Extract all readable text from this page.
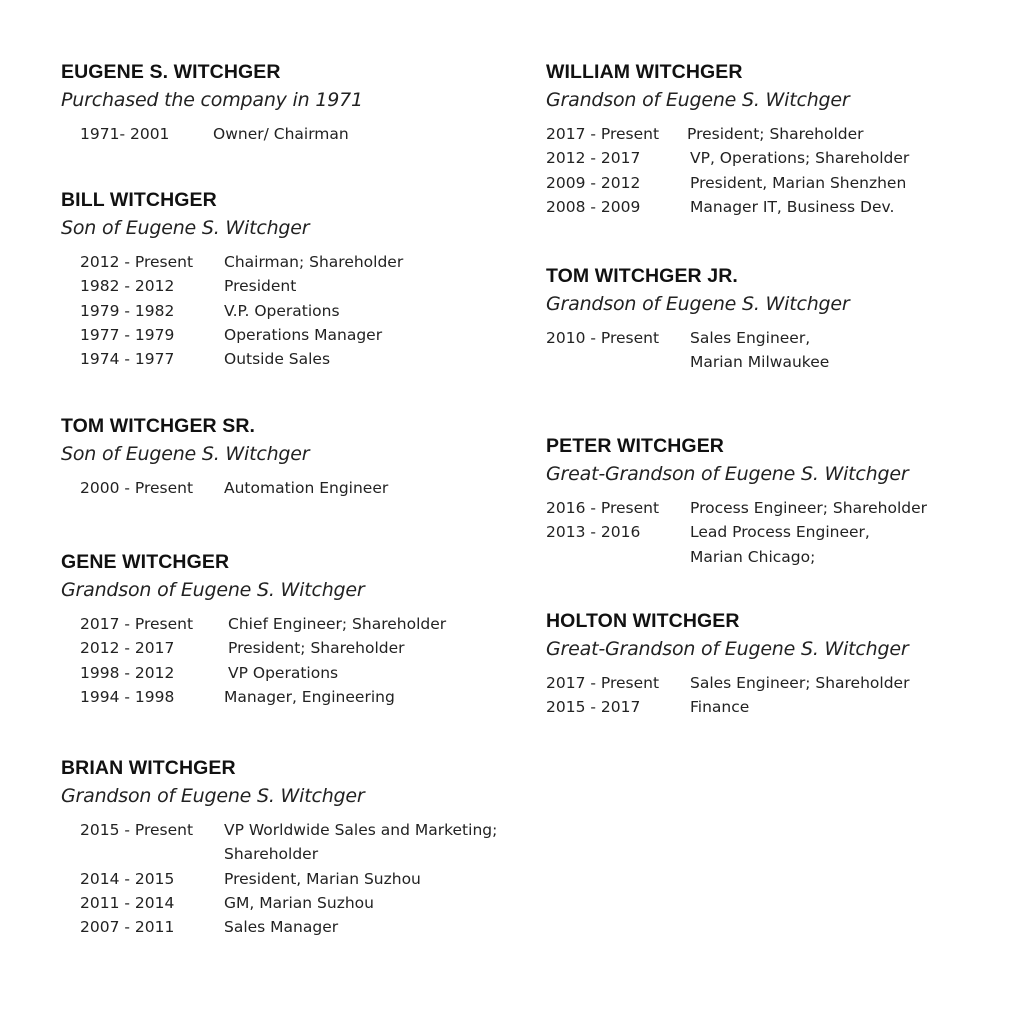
EUGENE S. WITCHGER
Purchased the company in 1971
1971- 2001	Owner/ Chairman
BILL WITCHGER
Son of Eugene S. Witchger
2012 - Present	Chairman; Shareholder
1982 - 2012	President
1979 - 1982	V.P. Operations
1977 - 1979	Operations Manager
1974 - 1977	Outside Sales
TOM WITCHGER SR.
Son of Eugene S. Witchger
2000 - Present	Automation Engineer
GENE WITCHGER
Grandson of Eugene S. Witchger
2017 - Present	Chief Engineer; Shareholder
2012 - 2017	President; Shareholder
1998 - 2012	VP Operations
1994 - 1998	Manager, Engineering
BRIAN WITCHGER
Grandson of Eugene S. Witchger
2015 - Present	VP Worldwide Sales and Marketing;
Shareholder
2014 - 2015	President, Marian Suzhou
2011 - 2014	GM, Marian Suzhou
2007 - 2011	Sales Manager
WILLIAM WITCHGER
Grandson of Eugene S. Witchger
2017 - Present	President; Shareholder
2012 - 2017	VP, Operations; Shareholder
2009 - 2012	President, Marian Shenzhen
2008 - 2009	Manager IT, Business Dev.
TOM WITCHGER JR.
Grandson of Eugene S. Witchger
2010 - Present	Sales Engineer,
Marian Milwaukee
PETER WITCHGER
Great-Grandson of Eugene S. Witchger
2016 - Present	Process Engineer; Shareholder
2013 - 2016	Lead Process Engineer,
Marian Chicago;
HOLTON WITCHGER
Great-Grandson of Eugene S. Witchger
2017 - Present	Sales Engineer; Shareholder
2015 - 2017	Finance
